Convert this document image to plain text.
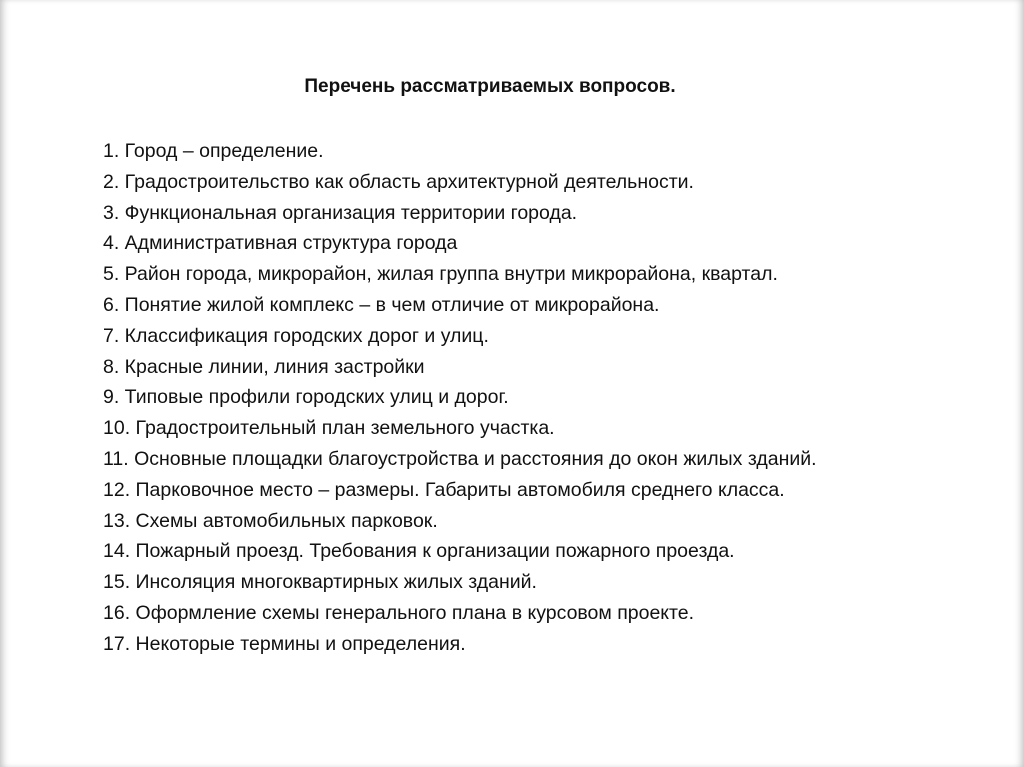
Перечень рассматриваемых вопросов.
1. Город – определение.
2. Градостроительство как область архитектурной деятельности.
3. Функциональная организация территории города.
4. Административная структура города
5. Район города, микрорайон, жилая группа внутри микрорайона, квартал.
6. Понятие жилой комплекс – в чем отличие от микрорайона.
7. Классификация городских дорог и улиц.
8. Красные линии, линия застройки
9. Типовые профили городских улиц и дорог.
10. Градостроительный план земельного участка.
11. Основные площадки благоустройства и расстояния до окон жилых зданий.
12. Парковочное место – размеры. Габариты автомобиля среднего класса.
13. Схемы автомобильных парковок.
14. Пожарный проезд. Требования к организации пожарного проезда.
15. Инсоляция многоквартирных жилых зданий.
16. Оформление схемы генерального плана в курсовом проекте.
17. Некоторые термины и определения.
